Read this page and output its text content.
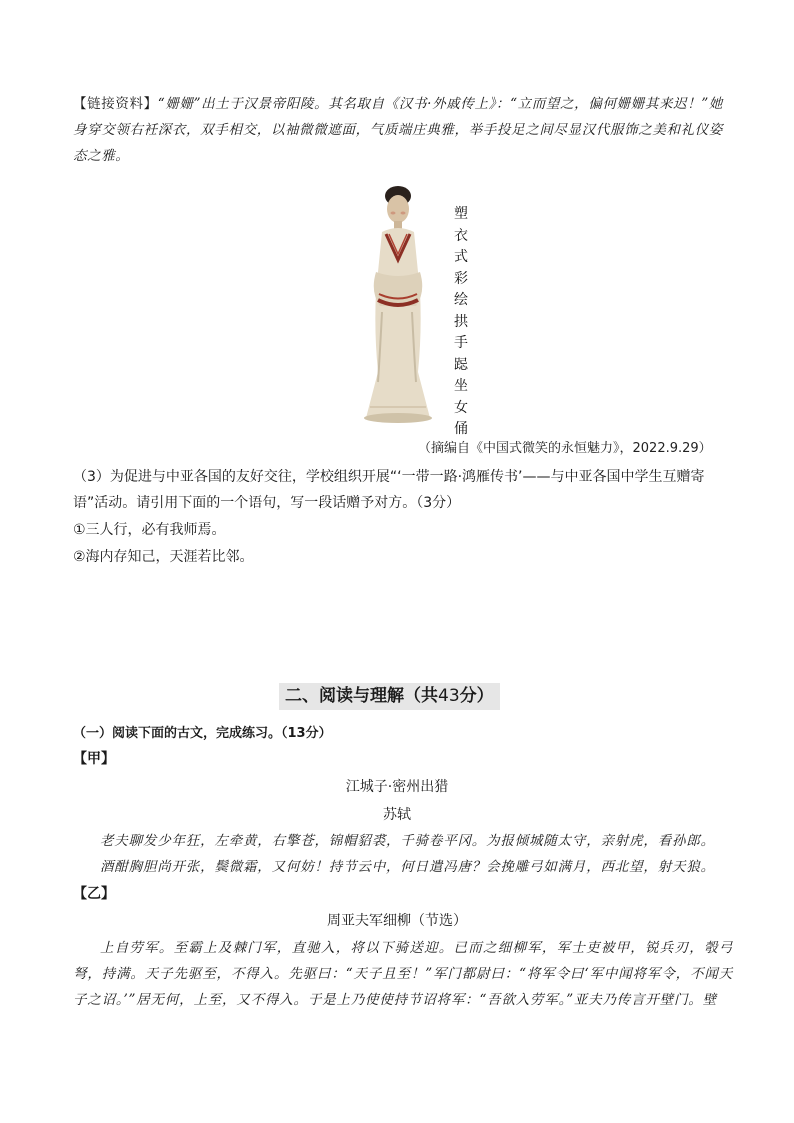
【链接资料】“姗姗”出土于汉景帝阳陵。其名取自《汉书·外戚传上》：“立而望之，偏何姗姗其来迟！”她身穿交领右衽深衣，双手相交，以袖微微遮面，气质端庄典雅，举手投足之间尽显汉代服饰之美和礼仪姿态之雅。
塑
衣
式
彩
绘
拱
手
跽
坐
女
俑
（摘编自《中国式微笑的永恒魅力》，2022.9.29）
（3）为促进与中亚各国的友好交往，学校组织开展“‘一带一路·鸿雁传书’——与中亚各国中学生互赠寄语”活动。请引用下面的一个语句，写一段话赠予对方。（3分）
①三人行，必有我师焉。
②海内存知己，天涯若比邻。
二、阅读与理解（共43分）
（一）阅读下面的古文，完成练习。（13分）
【甲】
江城子·密州出猎
苏轼
老夫聊发少年狂，左牵黄，右擎苍，锦帽貂裘，千骑卷平冈。为报倾城随太守，亲射虎，看孙郎。
酒酣胸胆尚开张，鬓微霜，又何妨！持节云中，何日遣冯唐？会挽雕弓如满月，西北望，射天狼。
【乙】
周亚夫军细柳（节选）
上自劳军。至霸上及棘门军，直驰入，将以下骑送迎。已而之细柳军，军士吏被甲，锐兵刃，彀弓弩，持满。天子先驱至，不得入。先驱曰：“天子且至！”军门都尉曰：“将军令曰‘军中闻将军令，不闻天子之诏。’”居无何，上至，又不得入。于是上乃使使持节诏将军：“吾欲入劳军。”亚夫乃传言开壁门。壁
